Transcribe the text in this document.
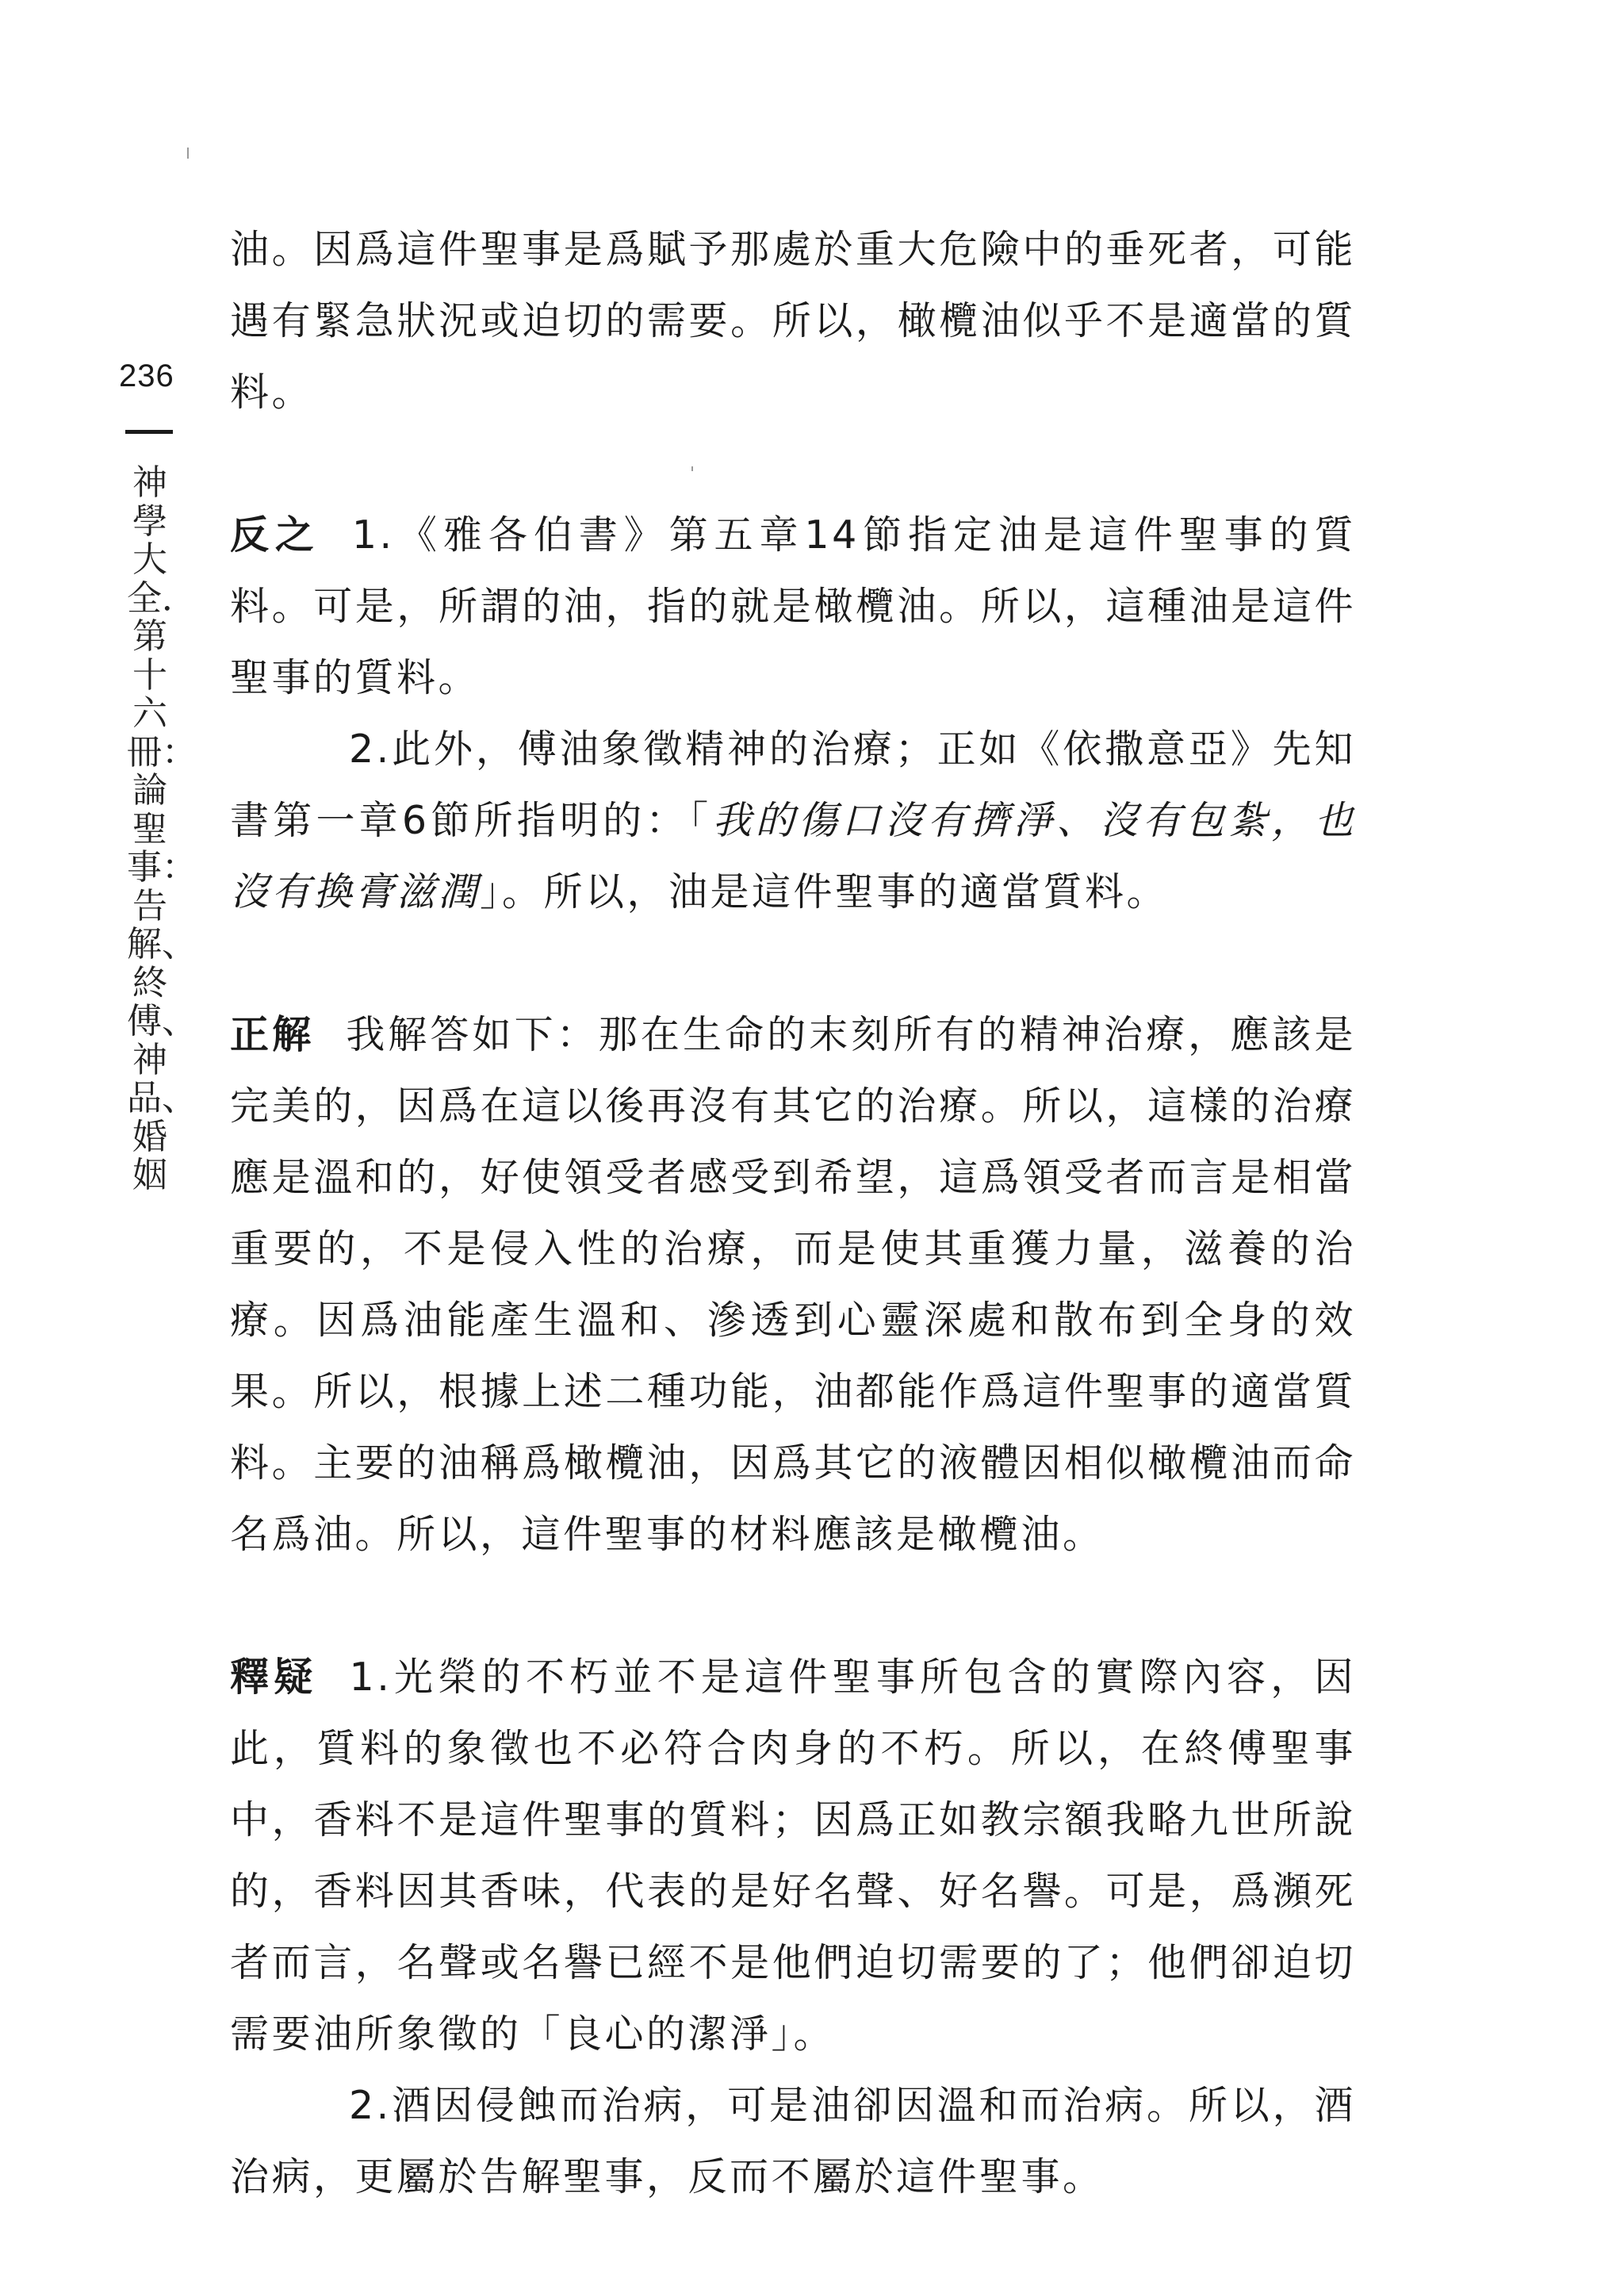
236
神學大全．第十六冊：論聖事：告解、終傅、神品、婚姻

油。因爲這件聖事是爲賦予那處於重大危險中的垂死者，可能遇有緊急狀況或迫切的需要。所以，橄欖油似乎不是適當的質料。

反之 1.《雅各伯書》第五章14節指定油是這件聖事的質料。可是，所謂的油，指的就是橄欖油。所以，這種油是這件聖事的質料。

2.此外，傅油象徵精神的治療；正如《依撒意亞》先知書第一章6節所指明的：「我的傷口沒有擠淨、沒有包紮，也沒有換膏滋潤」。所以，油是這件聖事的適當質料。

正解 我解答如下：那在生命的末刻所有的精神治療，應該是完美的，因爲在這以後再沒有其它的治療。所以，這樣的治療應是溫和的，好使領受者感受到希望，這爲領受者而言是相當重要的，不是侵入性的治療，而是使其重獲力量，滋養的治療。因爲油能產生溫和、滲透到心靈深處和散布到全身的效果。所以，根據上述二種功能，油都能作爲這件聖事的適當質料。主要的油稱爲橄欖油，因爲其它的液體因相似橄欖油而命名爲油。所以，這件聖事的材料應該是橄欖油。

釋疑 1.光榮的不朽並不是這件聖事所包含的實際內容，因此，質料的象徵也不必符合肉身的不朽。所以，在終傅聖事中，香料不是這件聖事的質料；因爲正如教宗額我略九世所說的，香料因其香味，代表的是好名聲、好名譽。可是，爲瀕死者而言，名聲或名譽已經不是他們迫切需要的了；他們卻迫切需要油所象徵的「良心的潔淨」。

2.酒因侵蝕而治病，可是油卻因溫和而治病。所以，酒治病，更屬於告解聖事，反而不屬於這件聖事。
